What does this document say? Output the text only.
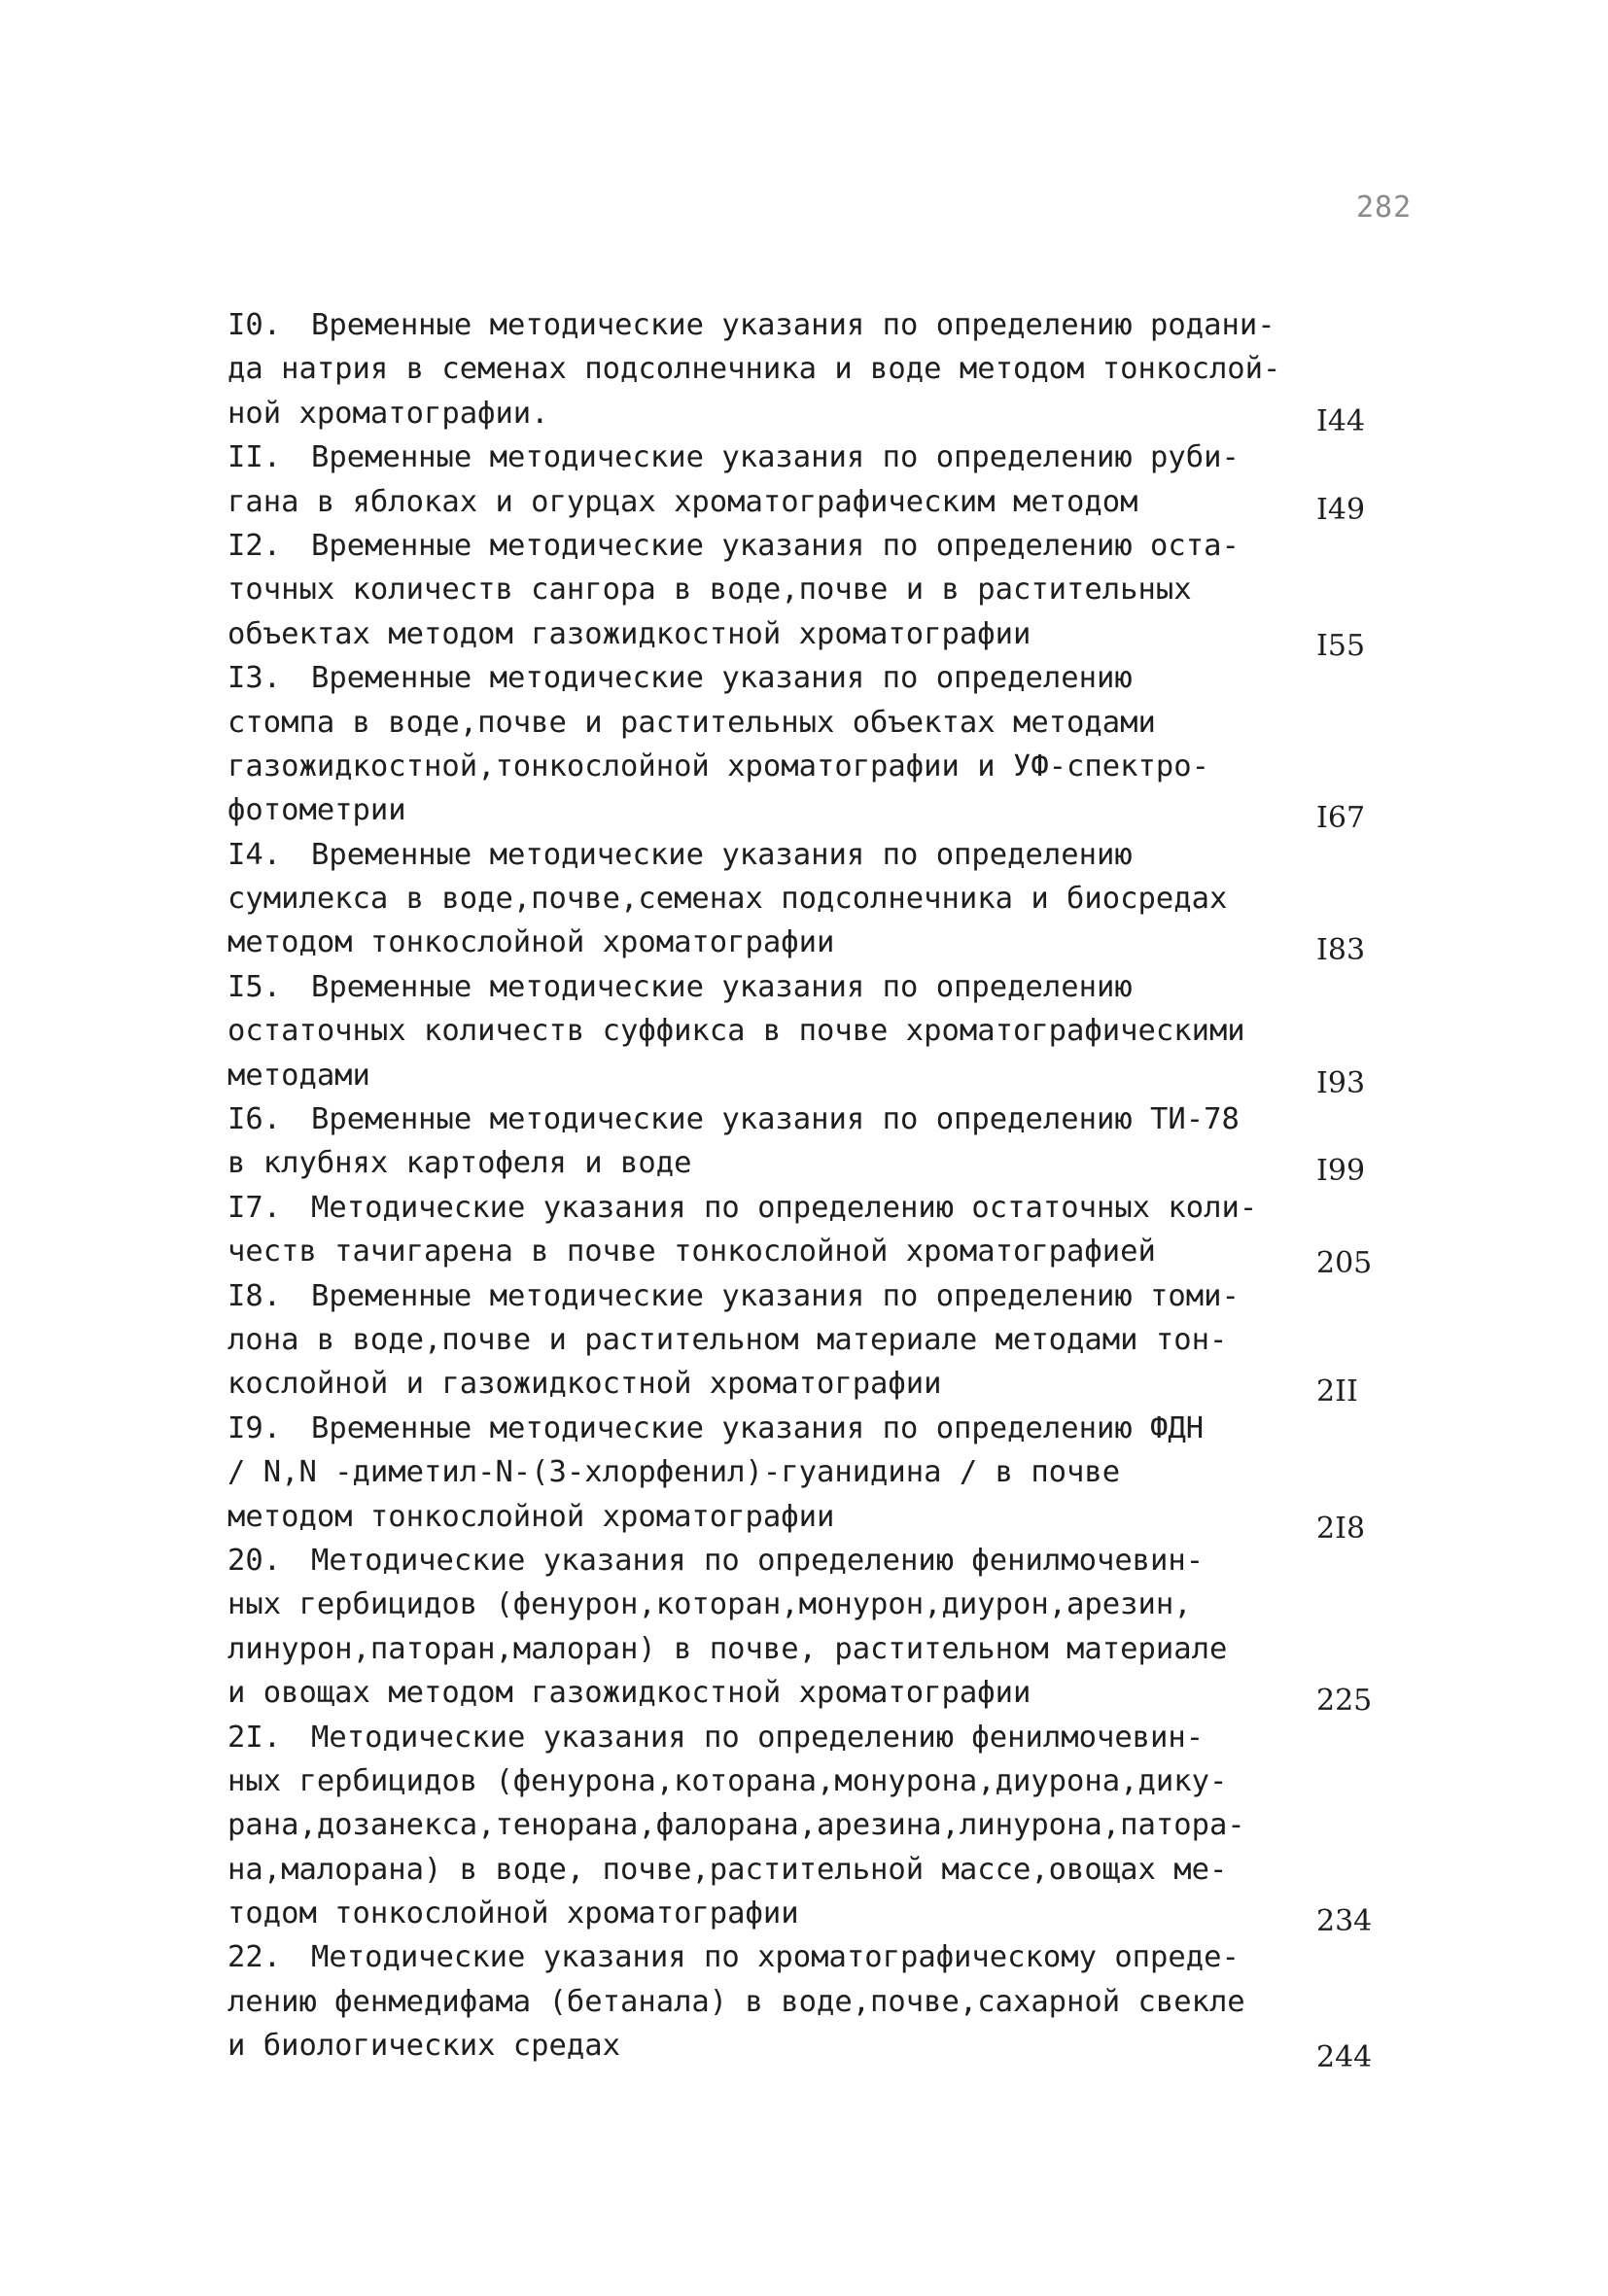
282
I0. Временные методические указания по определению родани-
да натрия в семенах подсолнечника и воде методом тонкослой-
ной хроматографии.	I44
II. Временные методические указания по определению руби-
гана в яблоках и огурцах хроматографическим методом	I49
I2. Временные методические указания по определению оста-
точных количеств сангора в воде,почве и в растительных
объектах методом газожидкостной хроматографии	I55
I3. Временные методические указания по определению
стомпа в воде,почве и растительных объектах методами
газожидкостной,тонкослойной хроматографии и УФ-спектро-
фотометрии	I67
I4. Временные методические указания по определению
сумилекса в воде,почве,семенах подсолнечника и биосредах
методом тонкослойной хроматографии	I83
I5. Временные методические указания по определению
остаточных количеств суффикса в почве хроматографическими
методами	I93
I6. Временные методические указания по определению ТИ-78
в клубнях картофеля и воде	I99
I7. Методические указания по определению остаточных коли-
честв тачигарена в почве тонкослойной хроматографией	205
I8. Временные методические указания по определению томи-
лона в воде,почве и растительном материале методами тон-
кослойной и газожидкостной хроматографии	2II
I9. Временные методические указания по определению ФДН
/ N,N -диметил-N-(3-хлорфенил)-гуанидина / в почве
методом тонкослойной хроматографии	2I8
20. Методические указания по определению фенилмочевин-
ных гербицидов (фенурон,которан,монурон,диурон,арезин,
линурон,паторан,малоран) в почве, растительном материале
и овощах методом газожидкостной хроматографии	225
2I. Методические указания по определению фенилмочевин-
ных гербицидов (фенурона,которана,монурона,диурона,дику-
рана,дозанекса,тенорана,фалорана,арезина,линурона,патора-
на,малорана) в воде, почве,растительной массе,овощах ме-
тодом тонкослойной хроматографии	234
22. Методические указания по хроматографическому опреде-
лению фенмедифама (бетанала) в воде,почве,сахарной свекле
и биологических средах	244
